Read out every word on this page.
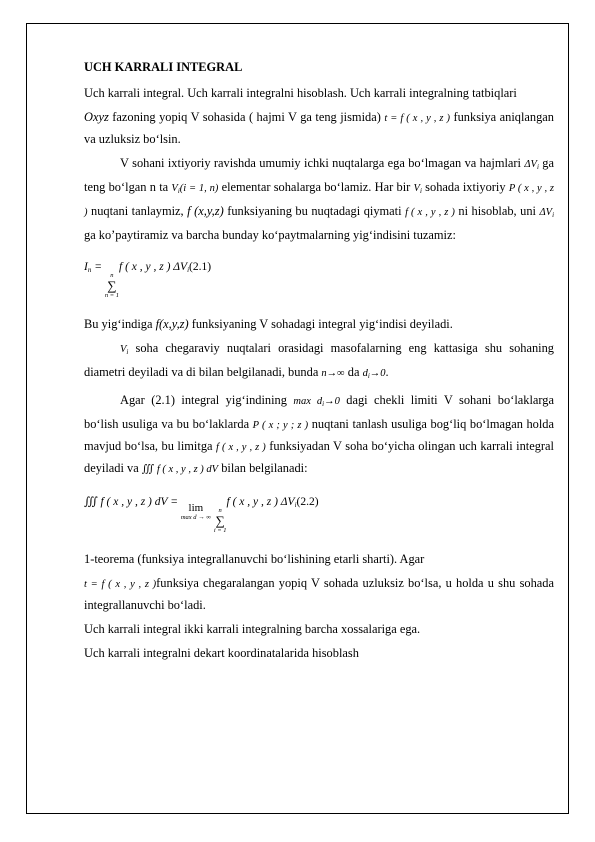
UCH KARRALI INTEGRAL

Uch karrali integral. Uch karrali integralni hisoblash. Uch karrali integralning tatbiqlari

Oxyz fazoning yopiq V sohasida ( hajmi V ga teng jismida) t = f ( x , y , z ) funksiya aniqlangan va uzluksiz bo‘lsin.

V sohani ixtiyoriy ravishda umumiy ichki nuqtalarga ega bo‘lmagan va hajmlari $\Delta V_i$ ga teng bo‘lgan n ta $V_i(i = 1$, n) elementar sohalarga bo‘lamiz. Har bir $V_i$ sohada ixtiyoriy P ( x , y , z ) nuqtani tanlaymiz, f (x,y,z) funksiyaning bu nuqtadagi qiymati f ( x , y , z ) ni hisoblab, uni $\Delta V_i$ ga ko’paytiramiz va barcha bunday ko‘paytmalarning yig‘indisini tuzamiz:

$I_n$ =
n
∑
n = 1
f ( x , y , z ) $\Delta V_i(2.1)$

Bu yig‘indiga f(x,y,z) funksiyaning V sohadagi integral yig‘indisi deyiladi.

$V_i$ soha chegaraviy nuqtalari orasidagi masofalarning eng kattasiga shu sohaning diametri deyiladi va di bilan belgilanadi, bunda n→∞ da $d_i\to 0$.

Agar (2.1) integral yig‘indining $\max d_i\to 0$ dagi chekli limiti V sohani bo‘laklarga bo‘lish usuliga va bu bo‘laklarda P ( x ; y ; z ) nuqtani tanlash usuliga bog‘liq bo‘lmagan holda mavjud bo‘lsa, bu limitga f ( x , y , z ) funksiyadan V soha bo‘yicha olingan uch karrali integral deyiladi va ∭ f ( x , y , z ) dV bilan belgilanadi:

∭ f ( x , y , z ) dV = lim
max d → ∞

n
∑
i = 1
f ( x , y , z ) $\Delta V_i(2.2)$

1-teorema (funksiya integrallanuvchi bo‘lishining etarli sharti). Agar

t = f ( x , y , z )funksiya chegaralangan yopiq V sohada uzluksiz bo‘lsa, u holda u shu sohada integrallanuvchi bo‘ladi.

Uch karrali integral ikki karrali integralning barcha xossalariga ega.

Uch karrali integralni dekart koordinatalarida hisoblash
